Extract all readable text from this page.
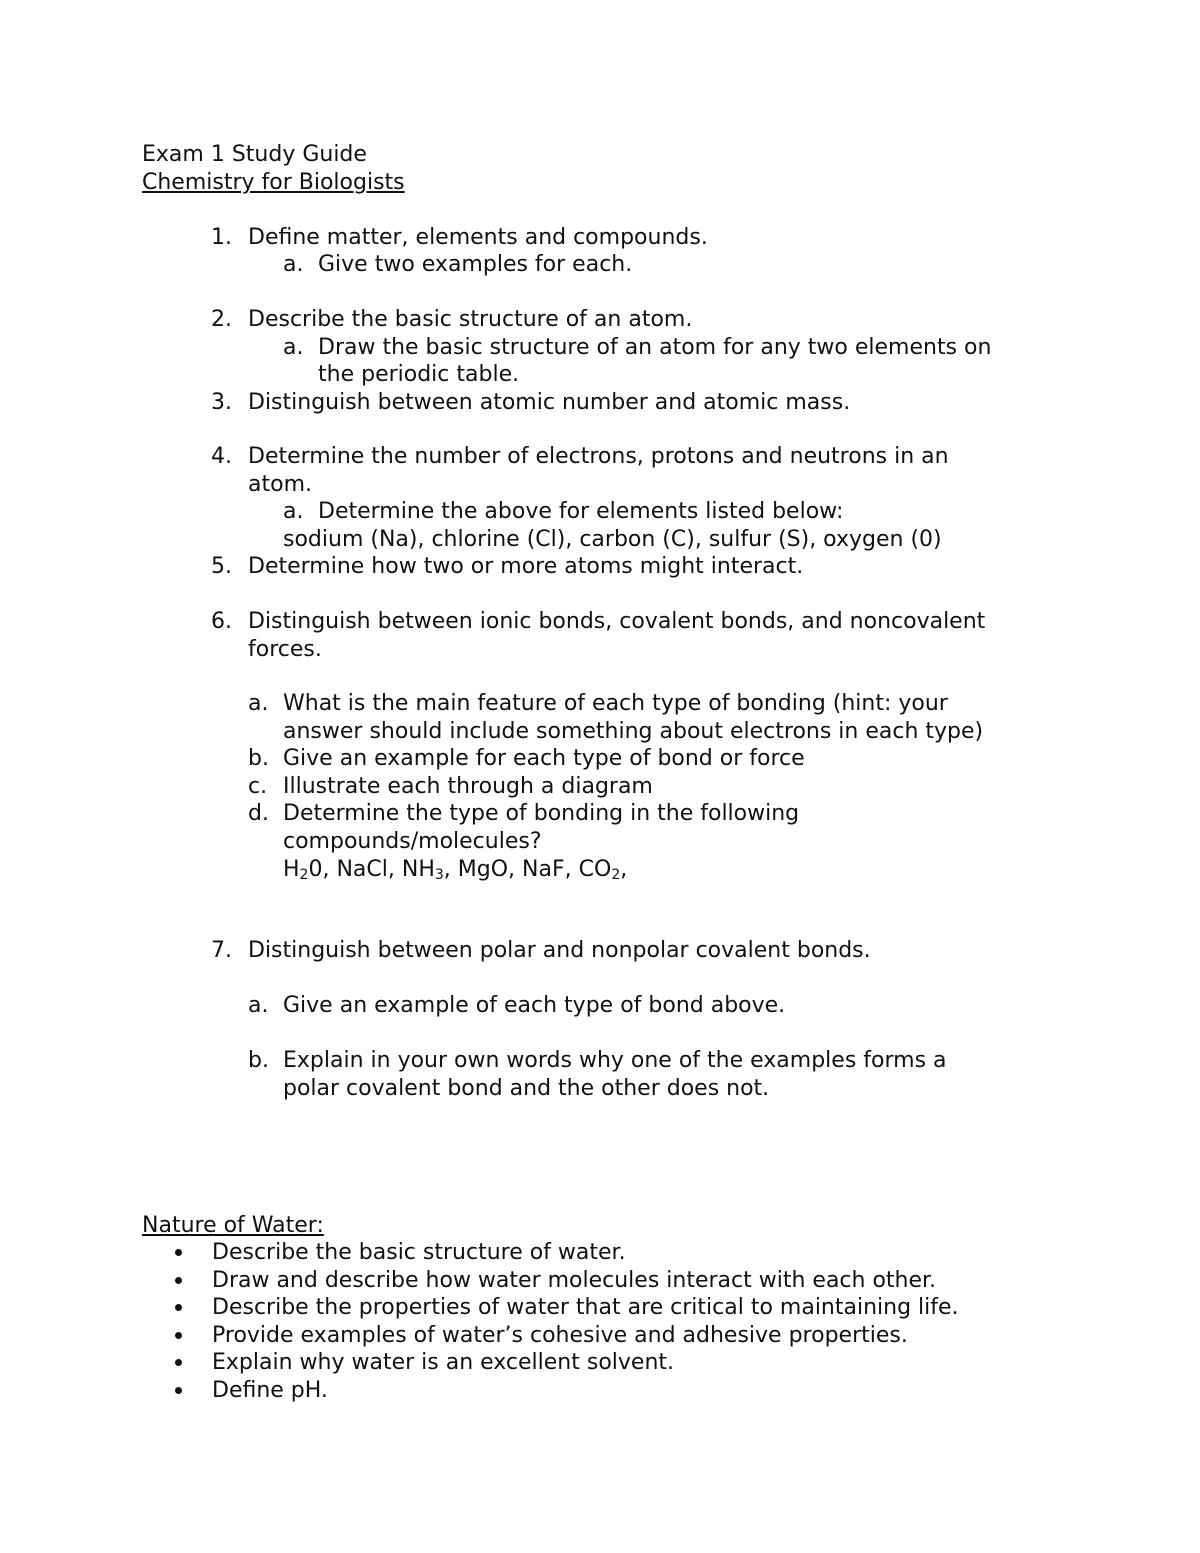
Exam 1 Study Guide
Chemistry for Biologists
1. Define matter, elements and compounds.
a. Give two examples for each.
2. Describe the basic structure of an atom.
a. Draw the basic structure of an atom for any two elements on
the periodic table.
3. Distinguish between atomic number and atomic mass.
4. Determine the number of electrons, protons and neutrons in an
atom.
a. Determine the above for elements listed below:
sodium (Na), chlorine (Cl), carbon (C), sulfur (S), oxygen (0)
5. Determine how two or more atoms might interact.
6. Distinguish between ionic bonds, covalent bonds, and noncovalent
forces.
a. What is the main feature of each type of bonding (hint: your
answer should include something about electrons in each type)
b. Give an example for each type of bond or force
c. Illustrate each through a diagram
d. Determine the type of bonding in the following
compounds/molecules?
$H_20$, NaCl, $NH_3$, MgO, NaF, $CO_2$,
7. Distinguish between polar and nonpolar covalent bonds.
a. Give an example of each type of bond above.
b. Explain in your own words why one of the examples forms a
polar covalent bond and the other does not.
Nature of Water:
Describe the basic structure of water.
Draw and describe how water molecules interact with each other.
Describe the properties of water that are critical to maintaining life.
Provide examples of water’s cohesive and adhesive properties.
Explain why water is an excellent solvent.
Define pH.
